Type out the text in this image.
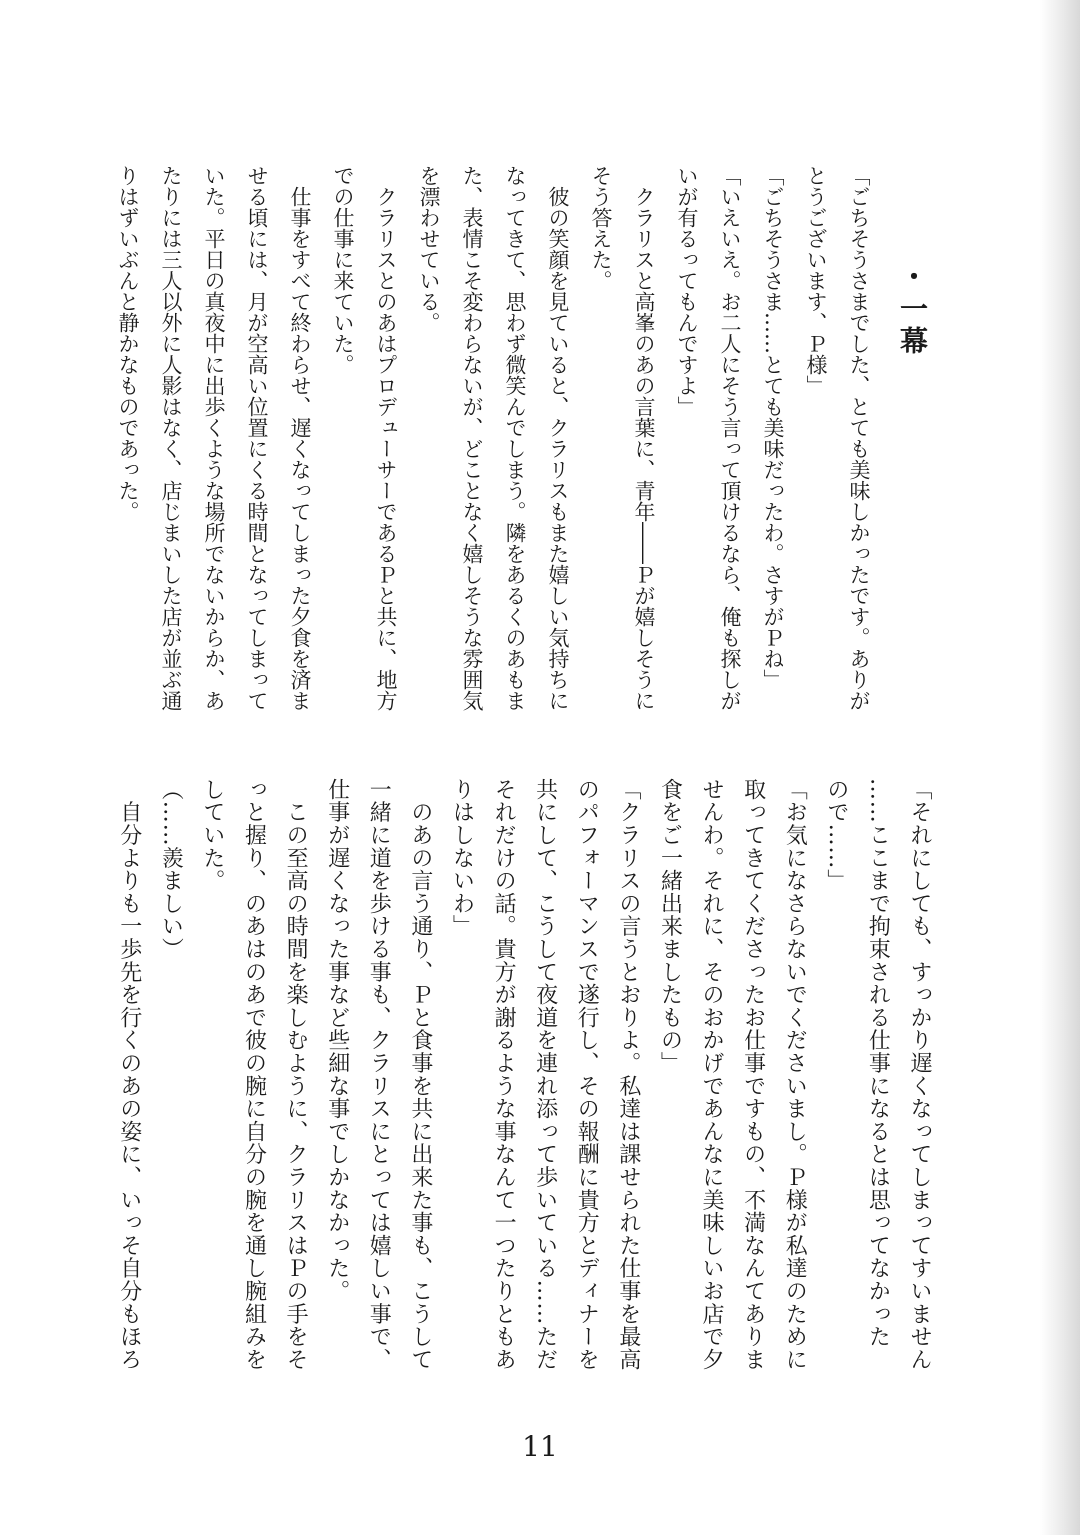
・一幕
「ごちそうさまでした、とても美味しかったです。ありが
とうございます、Ｐ様」
「ごちそうさま……とても美味だったわ。さすがＰね」
「いえいえ。お二人にそう言って頂けるなら、俺も探しが
いが有るってもんですよ」
　クラリスと高峯のあの言葉に、青年――Ｐが嬉しそうに
そう答えた。
　彼の笑顔を見ていると、クラリスもまた嬉しい気持ちに
なってきて、思わず微笑んでしまう。隣をあるくのあもま
た、表情こそ変わらないが、どことなく嬉しそうな雰囲気
を漂わせている。
　クラリスとのあはプロデューサーであるＰと共に、地方
での仕事に来ていた。
　仕事をすべて終わらせ、遅くなってしまった夕食を済ま
せる頃には、月が空高い位置にくる時間となってしまって
いた。平日の真夜中に出歩くような場所でないからか、あ
たりには三人以外に人影はなく、店じまいした店が並ぶ通
りはずいぶんと静かなものであった。
「それにしても、すっかり遅くなってしまってすいません
……ここまで拘束される仕事になるとは思ってなかった
ので……」
「お気になさらないでくださいまし。Ｐ様が私達のために
取ってきてくださったお仕事ですもの、不満なんてありま
せんわ。それに、そのおかげであんなに美味しいお店で夕
食をご一緒出来ましたもの」
「クラリスの言うとおりよ。私達は課せられた仕事を最高
のパフォーマンスで遂行し、その報酬に貴方とディナーを
共にして、こうして夜道を連れ添って歩いている……ただ
それだけの話。貴方が謝るような事なんて一つたりともあ
りはしないわ」
　のあの言う通り、Ｐと食事を共に出来た事も、こうして
一緒に道を歩ける事も、クラリスにとっては嬉しい事で、
仕事が遅くなった事など些細な事でしかなかった。
　この至高の時間を楽しむように、クラリスはＰの手をそ
っと握り、のあはのあで彼の腕に自分の腕を通し腕組みを
していた。
（……羨ましい）
　自分よりも一歩先を行くのあの姿に、いっそ自分もほろ
11
